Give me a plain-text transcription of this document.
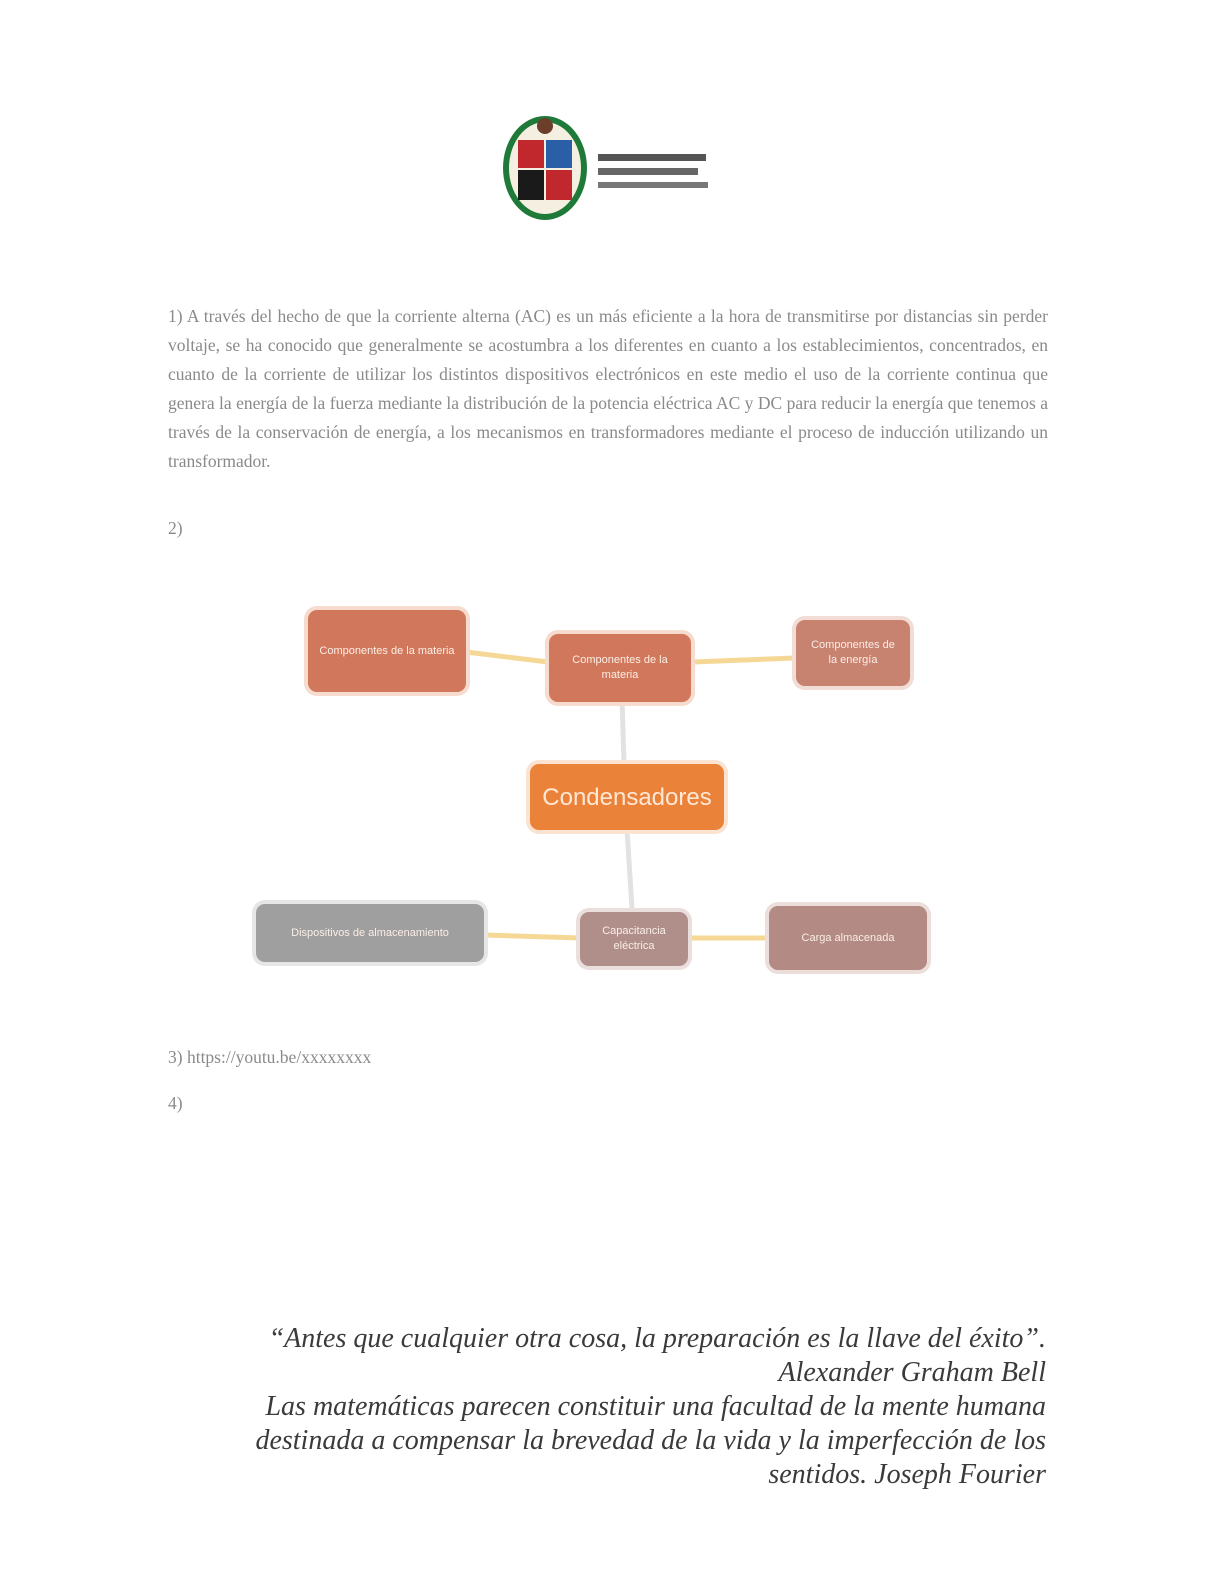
1) A través del hecho de que la corriente alterna (AC) es un más eficiente a la hora de transmitirse por distancias sin perder voltaje, se ha conocido que generalmente se acostumbra a los diferentes en cuanto a los establecimientos, concentrados, en cuanto de la corriente de utilizar los distintos dispositivos electrónicos en este medio el uso de la corriente continua que genera la energía de la fuerza mediante la distribución de la potencia eléctrica AC y DC para reducir la energía que tenemos a través de la conservación de energía, a los mecanismos en transformadores mediante el proceso de inducción utilizando un transformador.

2)

Componentes de la materia
Componentes de la materia
Componentes de la energía
Condensadores
Dispositivos de almacenamiento	Capacitancia eléctrica
Carga almacenada

3) https://youtu.be/xxxxxxxx

4)

“Antes que cualquier otra cosa, la preparación es la llave del éxito”.

Alexander Graham Bell

Las matemáticas parecen constituir una facultad de la mente humana destinada a compensar la brevedad de la vida y la imperfección de los sentidos. Joseph Fourier
